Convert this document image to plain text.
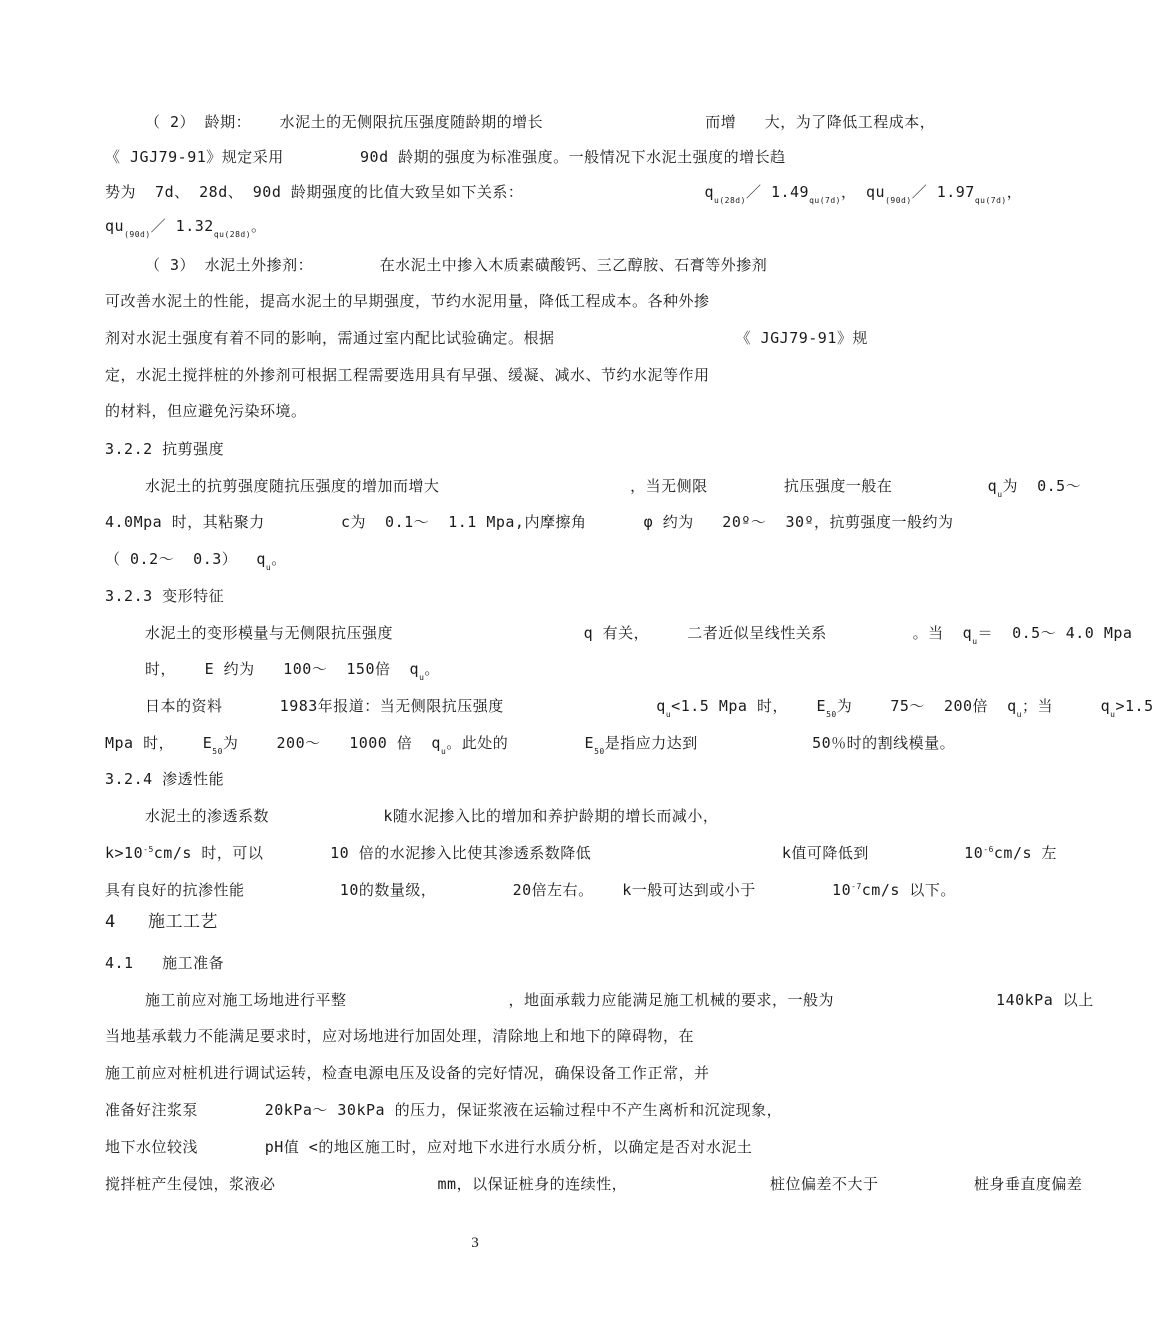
（ 2） 龄期：   水泥土的无侧限抗压强度随龄期的增长                 而增   大，为了降低工程成本，
《 JGJ79-91》规定采用        90d 龄期的强度为标准强度。一般情况下水泥土强度的增长趋
势为  7d、 28d、 90d 龄期强度的比值大致呈如下关系：                   $q_{u(28d)}/$ $1.49_{qu(7d)}$， $qu_{(90d)}/$ $1.97_{qu(7d)}$，
$qu_{(90d)}/$ $1.32_{qu(28d)}$。
（ 3） 水泥土外掺剂：       在水泥土中掺入木质素磺酸钙、三乙醇胺、石膏等外掺剂
可改善水泥土的性能，提高水泥土的早期强度，节约水泥用量，降低工程成本。各种外掺
剂对水泥土强度有着不同的影响，需通过室内配比试验确定。根据                   《 JGJ79-91》规
定，水泥土搅拌桩的外掺剂可根据工程需要选用具有早强、缓凝、减水、节约水泥等作用
的材料，但应避免污染环境。
3.2.2 抗剪强度
水泥土的抗剪强度随抗压强度的增加而增大                    ，当无侧限        抗压强度一般在          $q_u$为  0.5～
4.0Mpa 时，其粘聚力        c为  0.1～  1.1 Mpa,内摩擦角      φ 约为   20º～  30º，抗剪强度一般约为
（ 0.2～  0.3）  $q_u$。
3.2.3 变形特征
水泥土的变形模量与无侧限抗压强度                    q 有关，    二者近似呈线性关系         。当  $q_u=$  0.5～ 4.0 Mpa
时，   E 约为   100～  150倍  $q_u$。
日本的资料      1983年报道：当无侧限抗压强度                $q_u<1.5$ Mpa 时，   $E_{50}$为    75～  200倍  $q_u$；当     $q_u>1.5$
Mpa 时，   $E_{50}$为    200～   1000 倍  $q_u$。此处的        $E_{50}$是指应力达到            50％时的割线模量。
3.2.4 渗透性能
水泥土的渗透系数            k随水泥掺入比的增加和养护龄期的增长而减小，
$k>10^{-5}cm/s$ 时，可以       10 倍的水泥掺入比使其渗透系数降低                    k值可降低到          $10^{-6}cm/s$ 左
具有良好的抗渗性能          10的数量级，        20倍左右。   k一般可达到或小于        $10^{-7}cm/s$ 以下。
4   施工工艺
4.1   施工准备
施工前应对施工场地进行平整                 ，地面承载力应能满足施工机械的要求，一般为                 140kPa 以上
当地基承载力不能满足要求时，应对场地进行加固处理，清除地上和地下的障碍物，在
施工前应对桩机进行调试运转，检查电源电压及设备的完好情况，确保设备工作正常，并
准备好注浆泵       20kPa～ 30kPa 的压力，保证浆液在运输过程中不产生离析和沉淀现象，
地下水位较浅       pH值 <的地区施工时，应对地下水进行水质分析，以确定是否对水泥土
搅拌桩产生侵蚀，浆液必                 mm，以保证桩身的连续性，               桩位偏差不大于          桩身垂直度偏差
3
